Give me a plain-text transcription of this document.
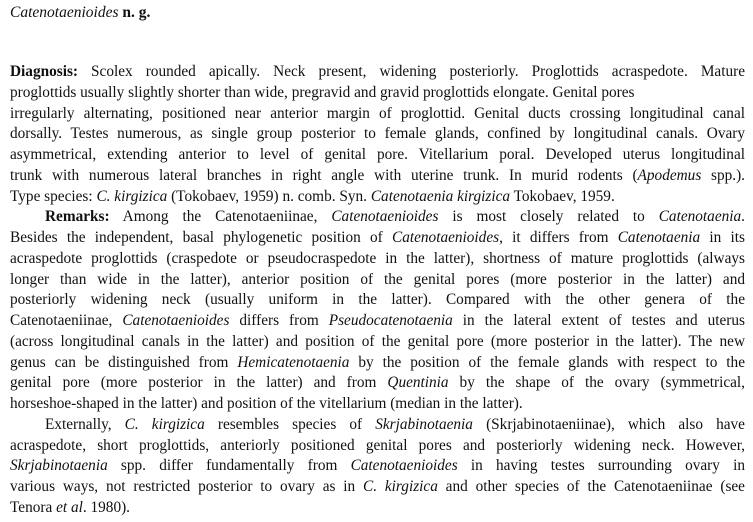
Catenotaenioides n. g.
Diagnosis: Scolex rounded apically. Neck present, widening posteriorly. Proglottids acraspedote. Mature
proglottids usually slightly shorter than wide, pregravid and gravid proglottids elongate. Genital pores
irregularly alternating, positioned near anterior margin of proglottid. Genital ducts crossing longitudinal canal
dorsally. Testes numerous, as single group posterior to female glands, confined by longitudinal canals. Ovary
asymmetrical, extending anterior to level of genital pore. Vitellarium poral. Developed uterus longitudinal
trunk with numerous lateral branches in right angle with uterine trunk. In murid rodents (Apodemus spp.).
Type species: C. kirgizica (Tokobaev, 1959) n. comb. Syn. Catenotaenia kirgizica Tokobaev, 1959.
Remarks: Among the Catenotaeniinae, Catenotaenioides is most closely related to Catenotaenia.
Besides the independent, basal phylogenetic position of Catenotaenioides, it differs from Catenotaenia in its
acraspedote proglottids (craspedote or pseudocraspedote in the latter), shortness of mature proglottids (always
longer than wide in the latter), anterior position of the genital pores (more posterior in the latter) and
posteriorly widening neck (usually uniform in the latter). Compared with the other genera of the
Catenotaeniinae, Catenotaenioides differs from Pseudocatenotaenia in the lateral extent of testes and uterus
(across longitudinal canals in the latter) and position of the genital pore (more posterior in the latter). The new
genus can be distinguished from Hemicatenotaenia by the position of the female glands with respect to the
genital pore (more posterior in the latter) and from Quentinia by the shape of the ovary (symmetrical,
horseshoe-shaped in the latter) and position of the vitellarium (median in the latter).
Externally, C. kirgizica resembles species of Skrjabinotaenia (Skrjabinotaeniinae), which also have
acraspedote, short proglottids, anteriorly positioned genital pores and posteriorly widening neck. However,
Skrjabinotaenia spp. differ fundamentally from Catenotaenioides in having testes surrounding ovary in
various ways, not restricted posterior to ovary as in C. kirgizica and other species of the Catenotaeniinae (see
Tenora et al. 1980).
